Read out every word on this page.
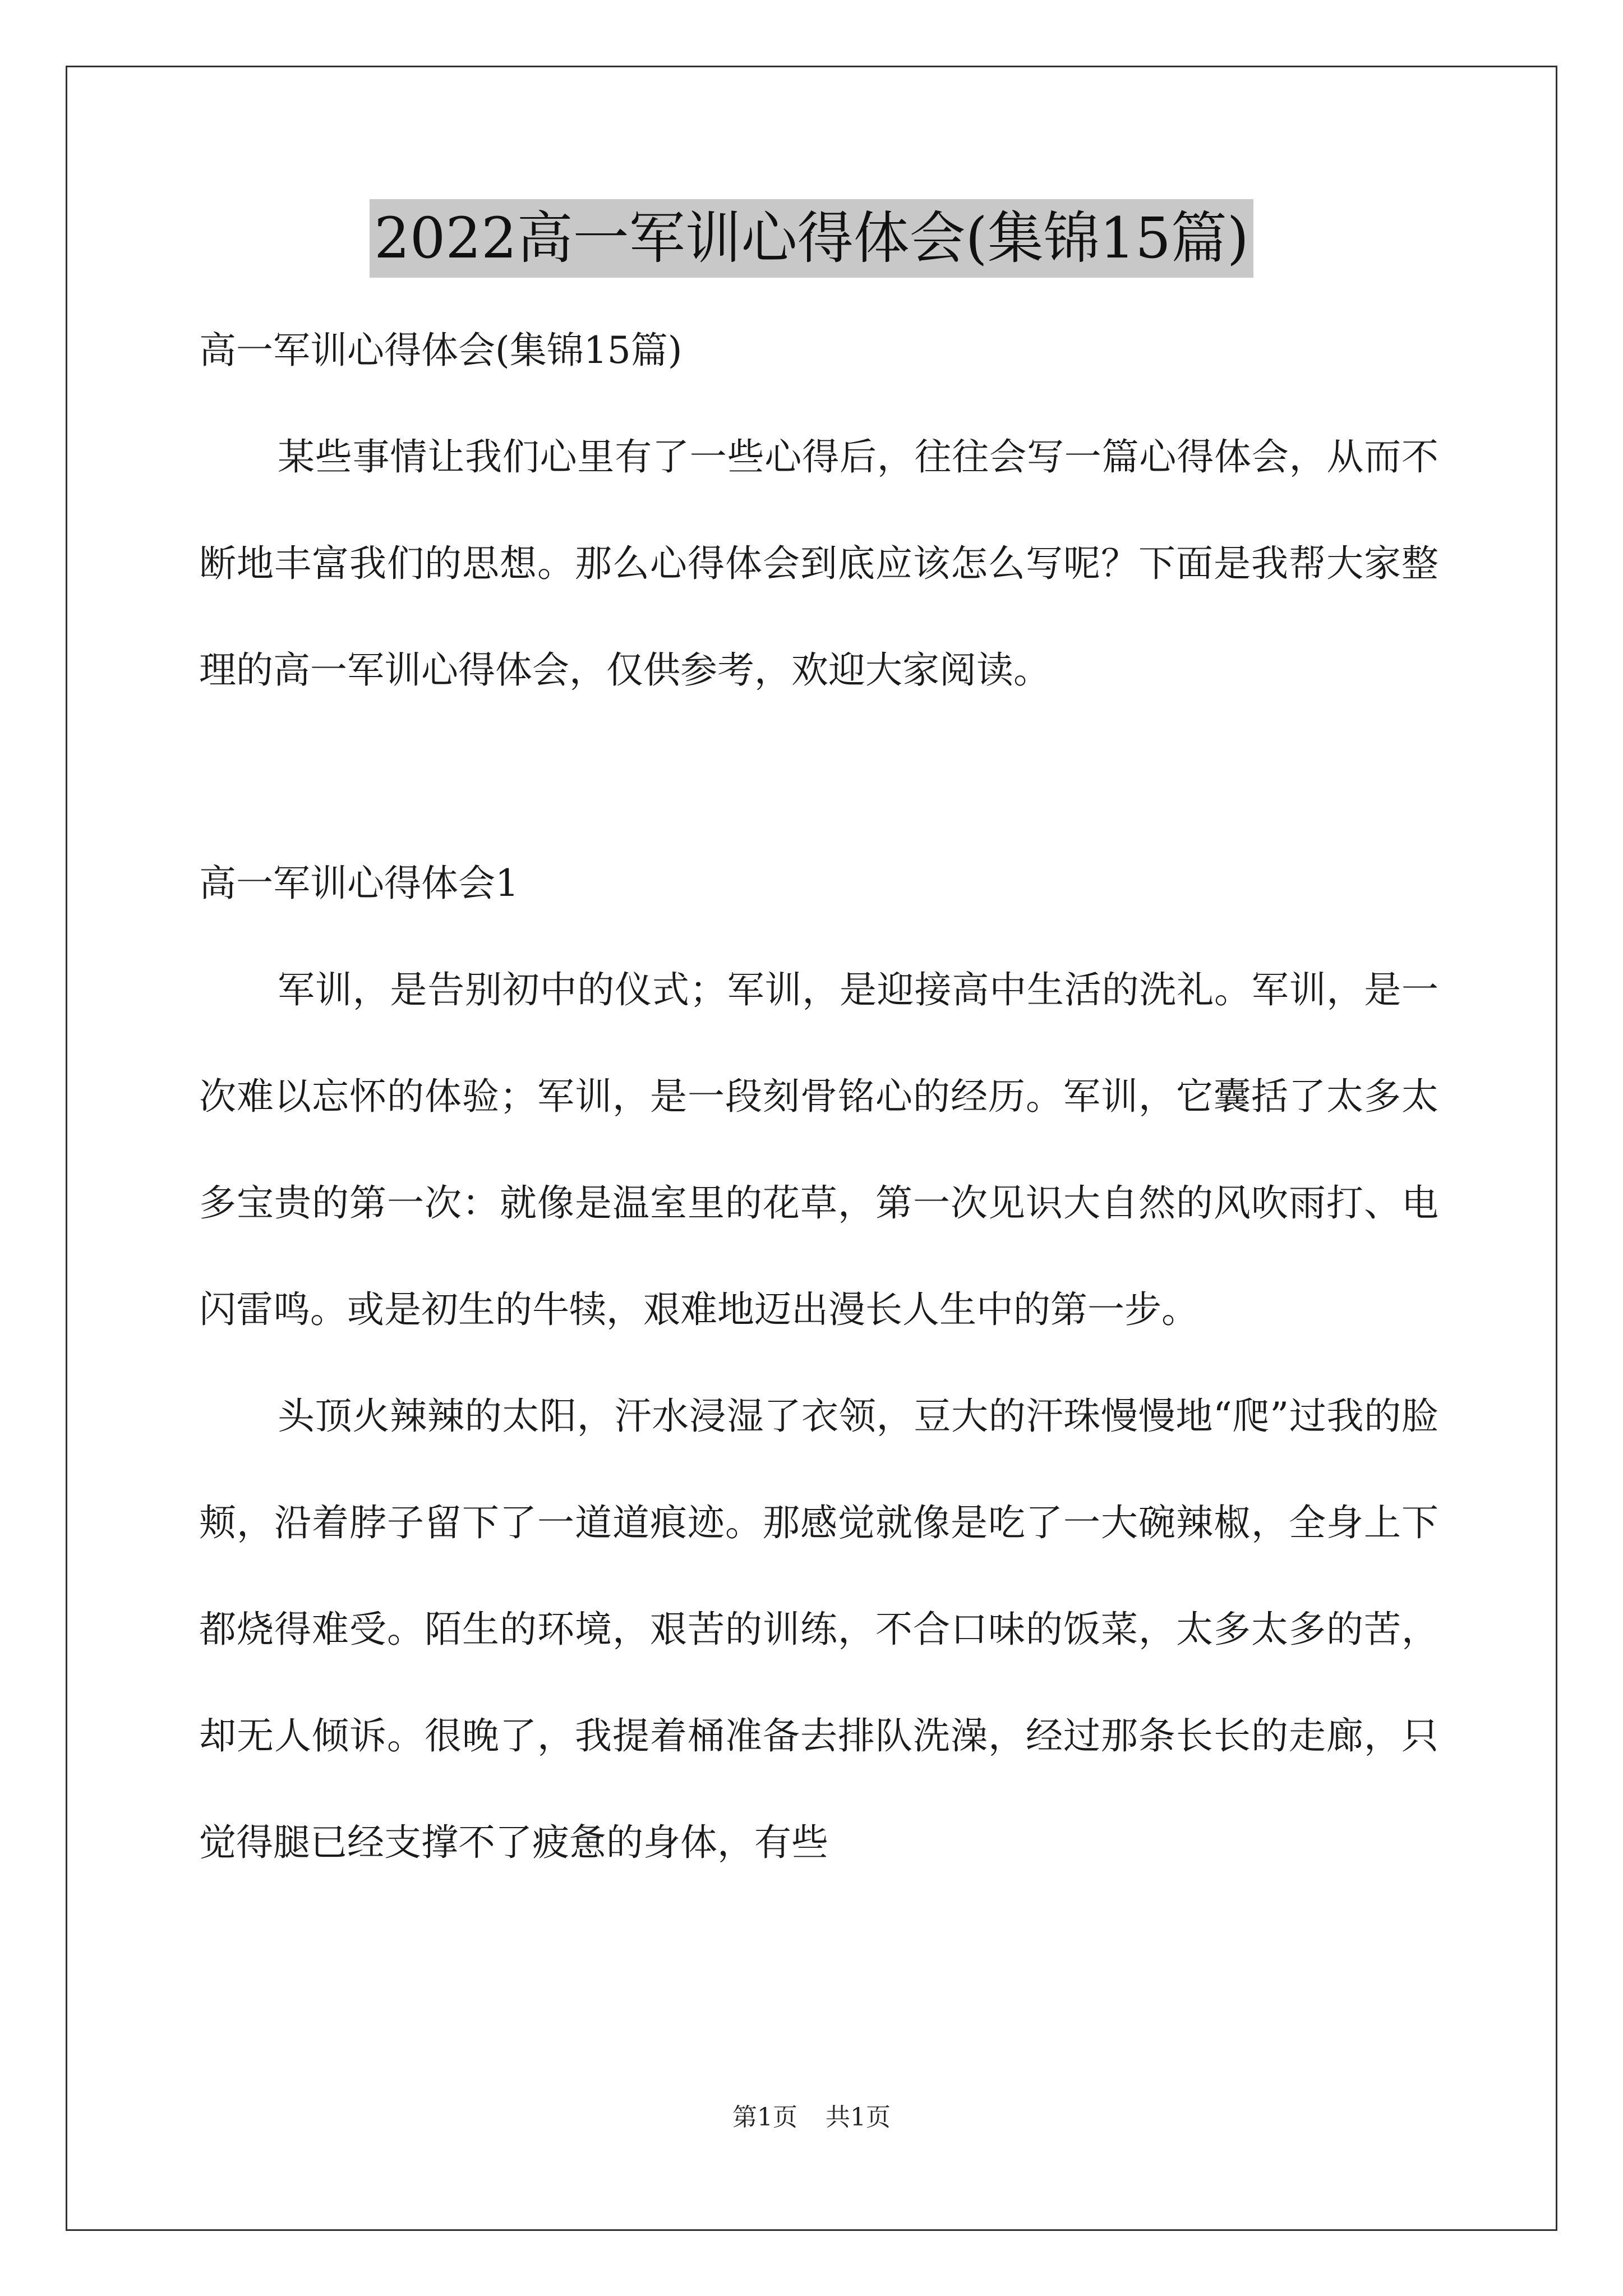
2022高一军训心得体会(集锦15篇)

高一军训心得体会(集锦15篇)

某些事情让我们心里有了一些心得后，往往会写一篇心得体会，从而不断地丰富我们的思想。那么心得体会到底应该怎么写呢？下面是我帮大家整理的高一军训心得体会，仅供参考，欢迎大家阅读。

高一军训心得体会1

军训，是告别初中的仪式；军训，是迎接高中生活的洗礼。军训，是一次难以忘怀的体验；军训，是一段刻骨铭心的经历。军训，它囊括了太多太多宝贵的第一次：就像是温室里的花草，第一次见识大自然的风吹雨打、电闪雷鸣。或是初生的牛犊，艰难地迈出漫长人生中的第一步。

头顶火辣辣的太阳，汗水浸湿了衣领，豆大的汗珠慢慢地“爬”过我的脸颊，沿着脖子留下了一道道痕迹。那感觉就像是吃了一大碗辣椒，全身上下都烧得难受。陌生的环境，艰苦的训练，不合口味的饭菜，太多太多的苦，却无人倾诉。很晚了，我提着桶准备去排队洗澡，经过那条长长的走廊，只觉得腿已经支撑不了疲惫的身体，有些

第1页 共1页
